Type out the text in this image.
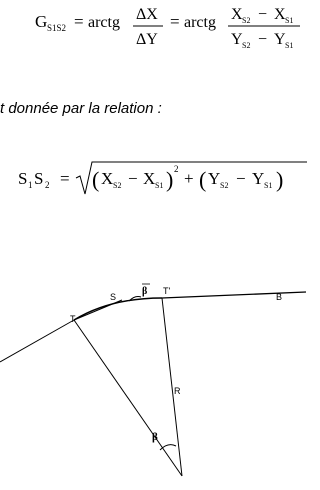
G S1S2 = arctg ΔX
ΔY
= arctg X S2 − X S1
Y S2 − Y S1
t donnée par la relation :
S 1 S 2 = ( X S2 − X S1 ) 2 + ( Y S2 − Y S1 )
S	β T'
B
T
R
β
